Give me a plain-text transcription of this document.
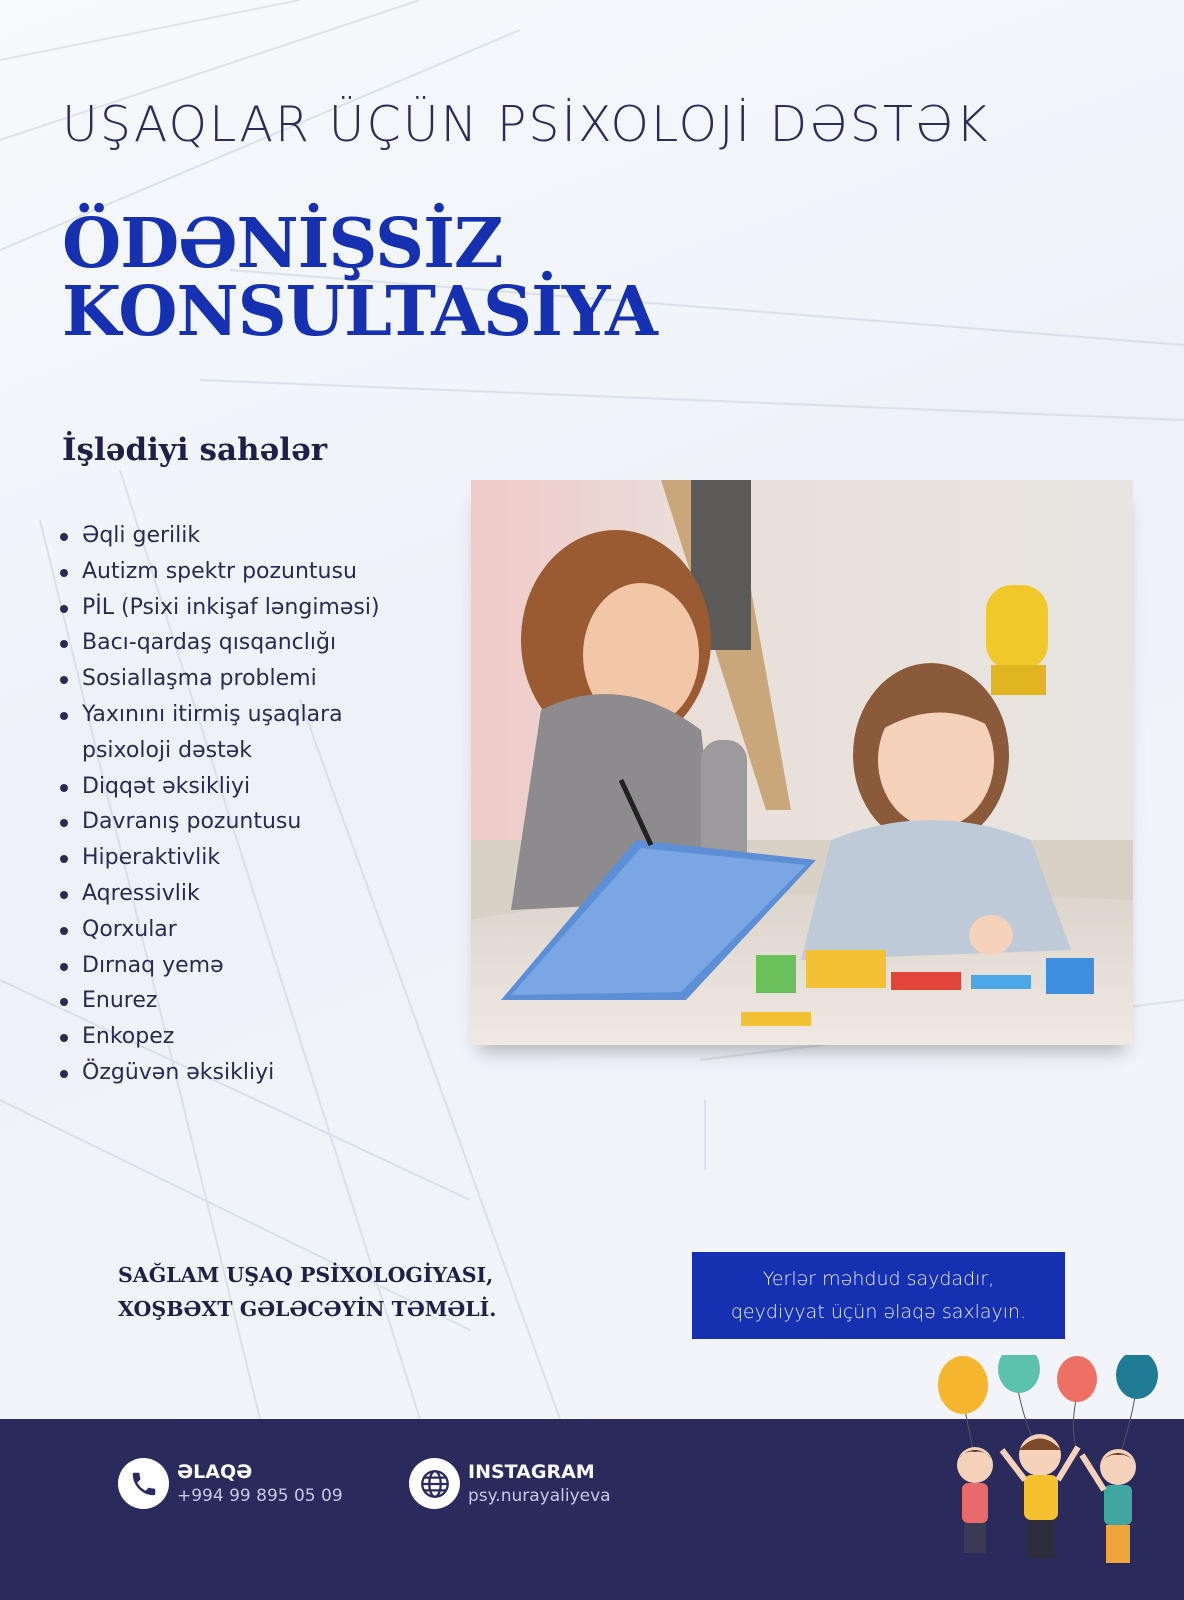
UŞAQLAR ÜÇÜN PSİXOLOJİ DƏSTƏK
ÖDƏNİŞSİZ
KONSULTASİYA
İşlədiyi sahələr
Əqli gerilik
Autizm spektr pozuntusu
PİL (Psixi inkişaf ləngiməsi)
Bacı-qardaş qısqanclığı
Sosiallaşma problemi
Yaxınını itirmiş uşaqlara psixoloji dəstək
Diqqət əksikliyi
Davranış pozuntusu
Hiperaktivlik
Aqressivlik
Qorxular
Dırnaq yemə
Enurez
Enkopez
Özgüvən əksikliyi

SAĞLAM UŞAQ PSİXOLOGİYASI,
XOŞBƏXT GƏLƏCƏYİN TƏMƏLİ.

Yerlər məhdud saydadır,
qeydiyyat üçün əlaqə saxlayın.
ƏLAQƏ
+994 99 895 05 09
INSTAGRAM
psy.nurayaliyeva
